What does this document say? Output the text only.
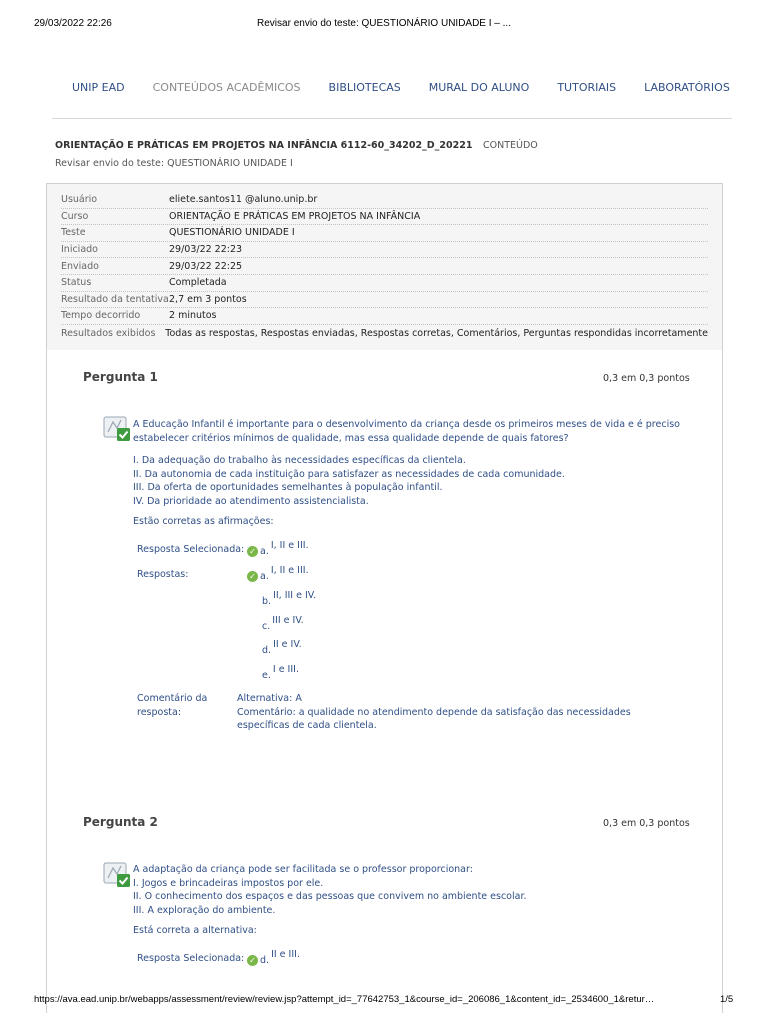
29/03/2022 22:26	Revisar envio do teste: QUESTIONÁRIO UNIDADE I – ...
UNIP EAD	CONTEÚDOS ACADÊMICOS	BIBLIOTECAS	MURAL DO ALUNO	TUTORIAIS	LABORATÓRIOS
ORIENTAÇÃO E PRÁTICAS EM PROJETOS NA INFÂNCIA 6112-60_34202_D_20221 CONTEÚDO
Revisar envio do teste: QUESTIONÁRIO UNIDADE I
Usuário	eliete.santos11 @aluno.unip.br
Curso	ORIENTAÇÃO E PRÁTICAS EM PROJETOS NA INFÂNCIA
Teste	QUESTIONÁRIO UNIDADE I
Iniciado	29/03/22 22:23
Enviado	29/03/22 22:25
Status	Completada
Resultado da tentativa 2,7 em 3 pontos
Tempo decorrido	2 minutos
Resultados exibidos	Todas as respostas, Respostas enviadas, Respostas corretas, Comentários, Perguntas respondidas incorretamente
Pergunta 1	0,3 em 0,3 pontos

A Educação Infantil é importante para o desenvolvimento da criança desde os primeiros meses de vida e é preciso

estabelecer critérios mínimos de qualidade, mas essa qualidade depende de quais fatores?

I. Da adequação do trabalho às necessidades específicas da clientela.

II. Da autonomia de cada instituição para satisfazer as necessidades de cada comunidade.

III. Da oferta de oportunidades semelhantes à população infantil.

IV. Da prioridade ao atendimento assistencialista.

Estão corretas as afirmações:
Resposta Selecionada: ✓ a.I, II e III.
Respostas:	✓ a.I, II e III.
b.II, III e IV.
c.III e IV.
d.II e IV.
e.I e III.
Comentário da resposta:

Alternativa: A

Comentário: a qualidade no atendimento depende da satisfação das necessidades específicas de cada clientela.

Pergunta 2	0,3 em 0,3 pontos

A adaptação da criança pode ser facilitada se o professor proporcionar:

I. Jogos e brincadeiras impostos por ele.

II. O conhecimento dos espaços e das pessoas que convivem no ambiente escolar.

III. A exploração do ambiente.

Está correta a alternativa:
Resposta Selecionada: ✓ d.II e III.
https://ava.ead.unip.br/webapps/assessment/review/review.jsp?attempt_id=_77642753_1&course_id=_206086_1&content_id=_2534600_1&retur…	1/5
